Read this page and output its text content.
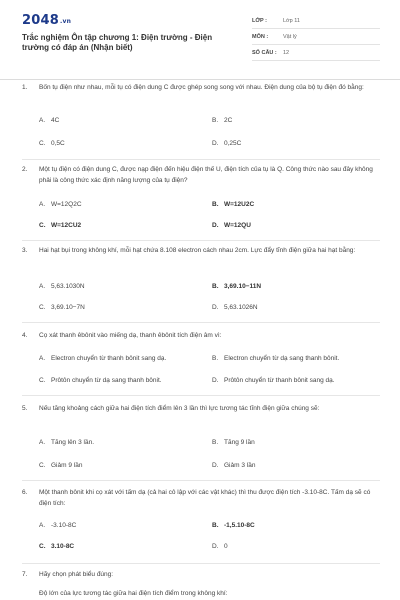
2048.vn
Trắc nghiệm Ôn tập chương 1: Điện trường - Điện trường có đáp án (Nhận biết)
LỚP :	Lớp 11
MÔN :	Vật lý
SỐ CÂU :	12
1.	Bốn tụ điện như nhau, mỗi tụ có điện dung C được ghép song song với nhau. Điện dung của bộ tụ điện đó bằng:
A. 4C	B. 2C
C. 0,5C	D. 0,25C
2.	Một tụ điện có điện dung C, được nạp điện đến hiệu điện thế U, điện tích của tụ là Q. Công thức nào sau đây không phải là công thức xác định năng lượng của tụ điện?
A. W=12Q2C	B. W=12U2C
C. W=12CU2	D. W=12QU
3.	Hai hạt bụi trong không khí, mỗi hạt chứa 8.108 electron cách nhau 2cm. Lực đẩy tĩnh điện giữa hai hạt bằng:
A. 5,63.1030N	B. 3,69.10−11N
C. 3,69.10−7N	D. 5,63.1026N
4.	Cọ xát thanh êbônit vào miếng dạ, thanh êbônit tích điện âm vì:
A. Electron chuyển từ thanh bônit sang dạ.	B. Electron chuyển từ dạ sang thanh bônit.
C. Prôtôn chuyển từ dạ sang thanh bônit.	D. Prôtôn chuyển từ thanh bônit sang dạ.
5.	Nếu tăng khoảng cách giữa hai điện tích điểm lên 3 lần thì lực tương tác tĩnh điện giữa chúng sẽ:
A. Tăng lên 3 lần.	B. Tăng 9 lần
C. Giảm 9 lần	D. Giảm 3 lần
6.	Một thanh bônit khi cọ xát với tấm dạ (cả hai cô lập với các vật khác) thì thu được điện tích -3.10-8C. Tấm dạ sẽ có điện tích:
A. -3.10-8C	B. -1,5.10-8C
C. 3.10-8C	D. 0
7.	Hãy chọn phát biểu đúng:
Độ lớn của lực tương tác giữa hai điện tích điểm trong không khí:
